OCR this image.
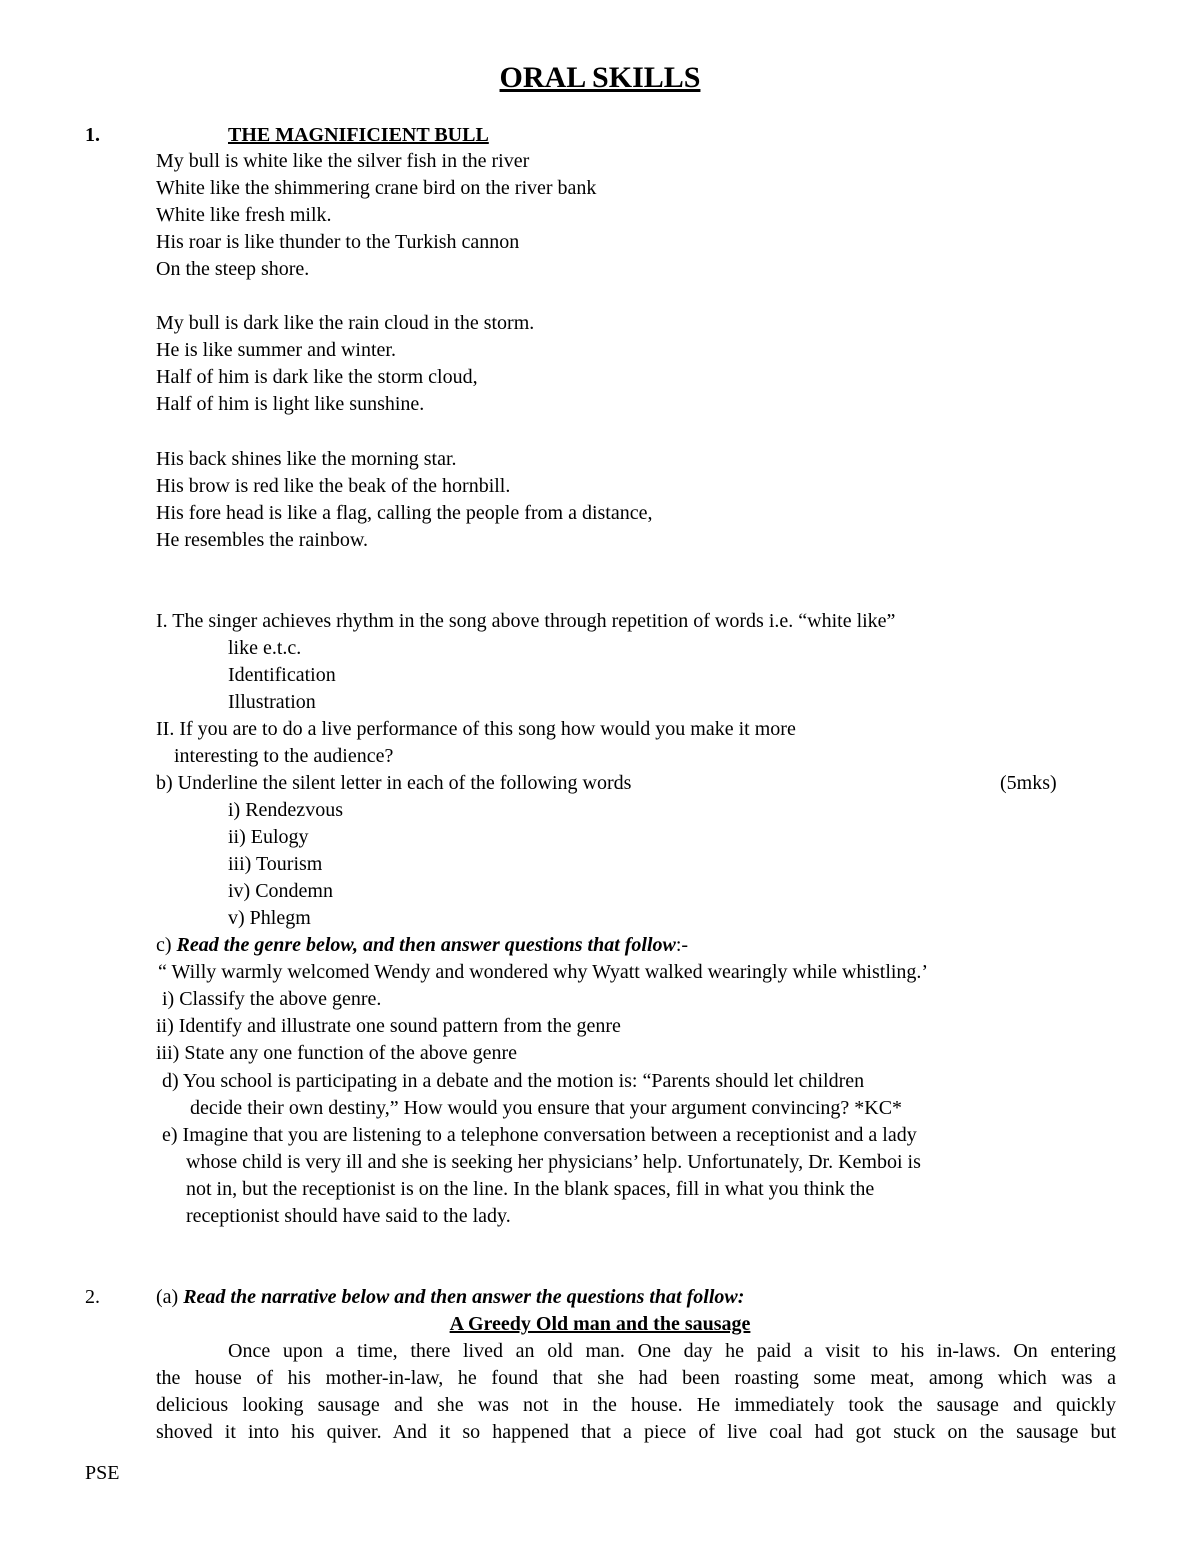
ORAL SKILLS
1.	THE MAGNIFICIENT BULL
My bull is white like the silver fish in the river
White like the shimmering crane bird on the river bank
White like fresh milk.
His roar is like thunder to the Turkish cannon
On the steep shore.
My bull is dark like the rain cloud in the storm.
He is like summer and winter.
Half of him is dark like the storm cloud,
Half of him is light like sunshine.
His back shines like the morning star.
His brow is red like the beak of the hornbill.
His fore head is like a flag, calling the people from a distance,
He resembles the rainbow.
I. The singer achieves rhythm in the song above through repetition of words i.e. “white like”
like e.t.c.
Identification
Illustration
II. If you are to do a live performance of this song how would you make it more
interesting to the audience?
b) Underline the silent letter in each of the following words	(5mks)
i) Rendezvous
ii) Eulogy
iii) Tourism
iv) Condemn
v) Phlegm
c) Read the genre below, and then answer questions that follow:-
“ Willy warmly welcomed Wendy and wondered why Wyatt walked wearingly while whistling.’
i) Classify the above genre.
ii) Identify and illustrate one sound pattern from the genre
iii) State any one function of the above genre
d) You school is participating in a debate and the motion is: “Parents should let children
decide their own destiny,” How would you ensure that your argument convincing? *KC*
e) Imagine that you are listening to a telephone conversation between a receptionist and a lady
whose child is very ill and she is seeking her physicians’ help. Unfortunately, Dr. Kemboi is
not in, but the receptionist is on the line. In the blank spaces, fill in what you think the
receptionist should have said to the lady.
2.	(a) Read the narrative below and then answer the questions that follow:
A Greedy Old man and the sausage
Once upon a time, there lived an old man. One day he paid a visit to his in-laws. On entering
the house of his mother-in-law, he found that she had been roasting some meat, among which was a
delicious looking sausage and she was not in the house. He immediately took the sausage and quickly
shoved it into his quiver. And it so happened that a piece of live coal had got stuck on the sausage but
PSE
